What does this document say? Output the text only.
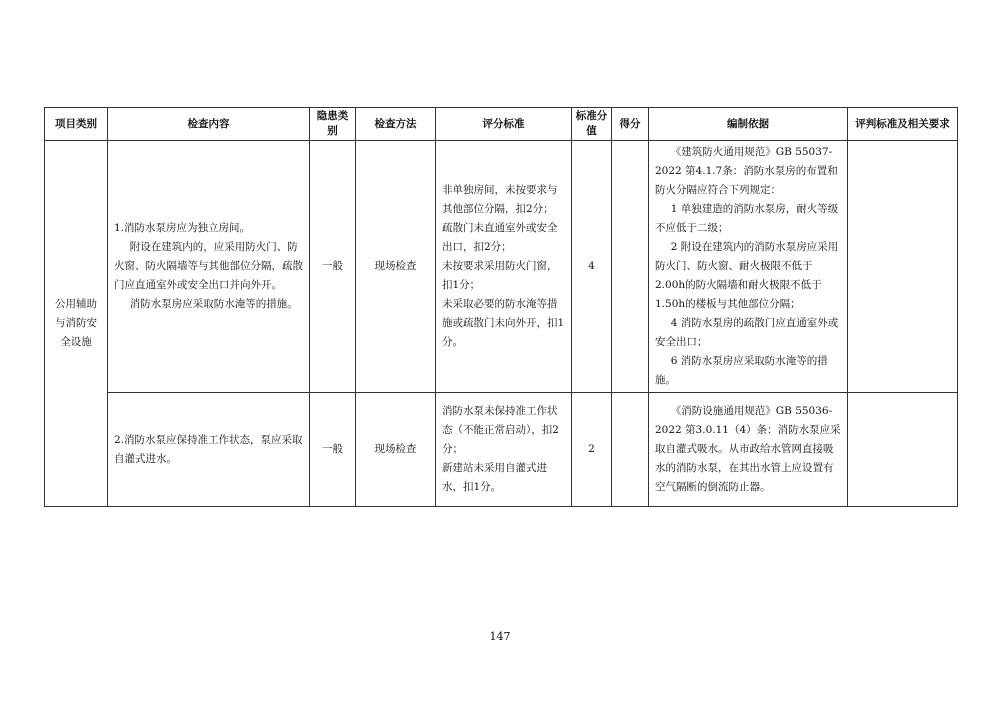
项目类别	检查内容	隐患类别	检查方法	评分标准	标准分值	得分	编制依据	评判标准及相关要求
公用辅助与消防安全设施	1.消防水泵房应为独立房间。
附设在建筑内的，应采用防火门、防火窗、防火隔墙等与其他部位分隔，疏散门应直通室外或安全出口并向外开。
消防水泵房应采取防水淹等的措施。	一般	现场检查	非单独房间，未按要求与其他部位分隔，扣2分；
疏散门未直通室外或安全出口，扣2分；
未按要求采用防火门窗，扣1分；
未采取必要的防水淹等措施或疏散门未向外开，扣1分。	4		《建筑防火通用规范》GB 55037-2022 第4.1.7条：消防水泵房的布置和防火分隔应符合下列规定：
1 单独建造的消防水泵房，耐火等级不应低于二级；
2 附设在建筑内的消防水泵房应采用防火门、防火窗、耐火极限不低于2.00h的防火隔墙和耐火极限不低于1.50h的楼板与其他部位分隔；
4 消防水泵房的疏散门应直通室外或安全出口；
6 消防水泵房应采取防水淹等的措施。	

	2.消防水泵应保持准工作状态，泵应采取自灌式进水。	一般	现场检查	消防水泵未保持准工作状态（不能正常启动），扣2分；
新建站未采用自灌式进水，扣1分。	2		《消防设施通用规范》GB 55036-2022 第3.0.11（4）条：消防水泵应采取自灌式吸水。从市政给水管网直接吸水的消防水泵，在其出水管上应设置有空气隔断的倒流防止器。	

147
